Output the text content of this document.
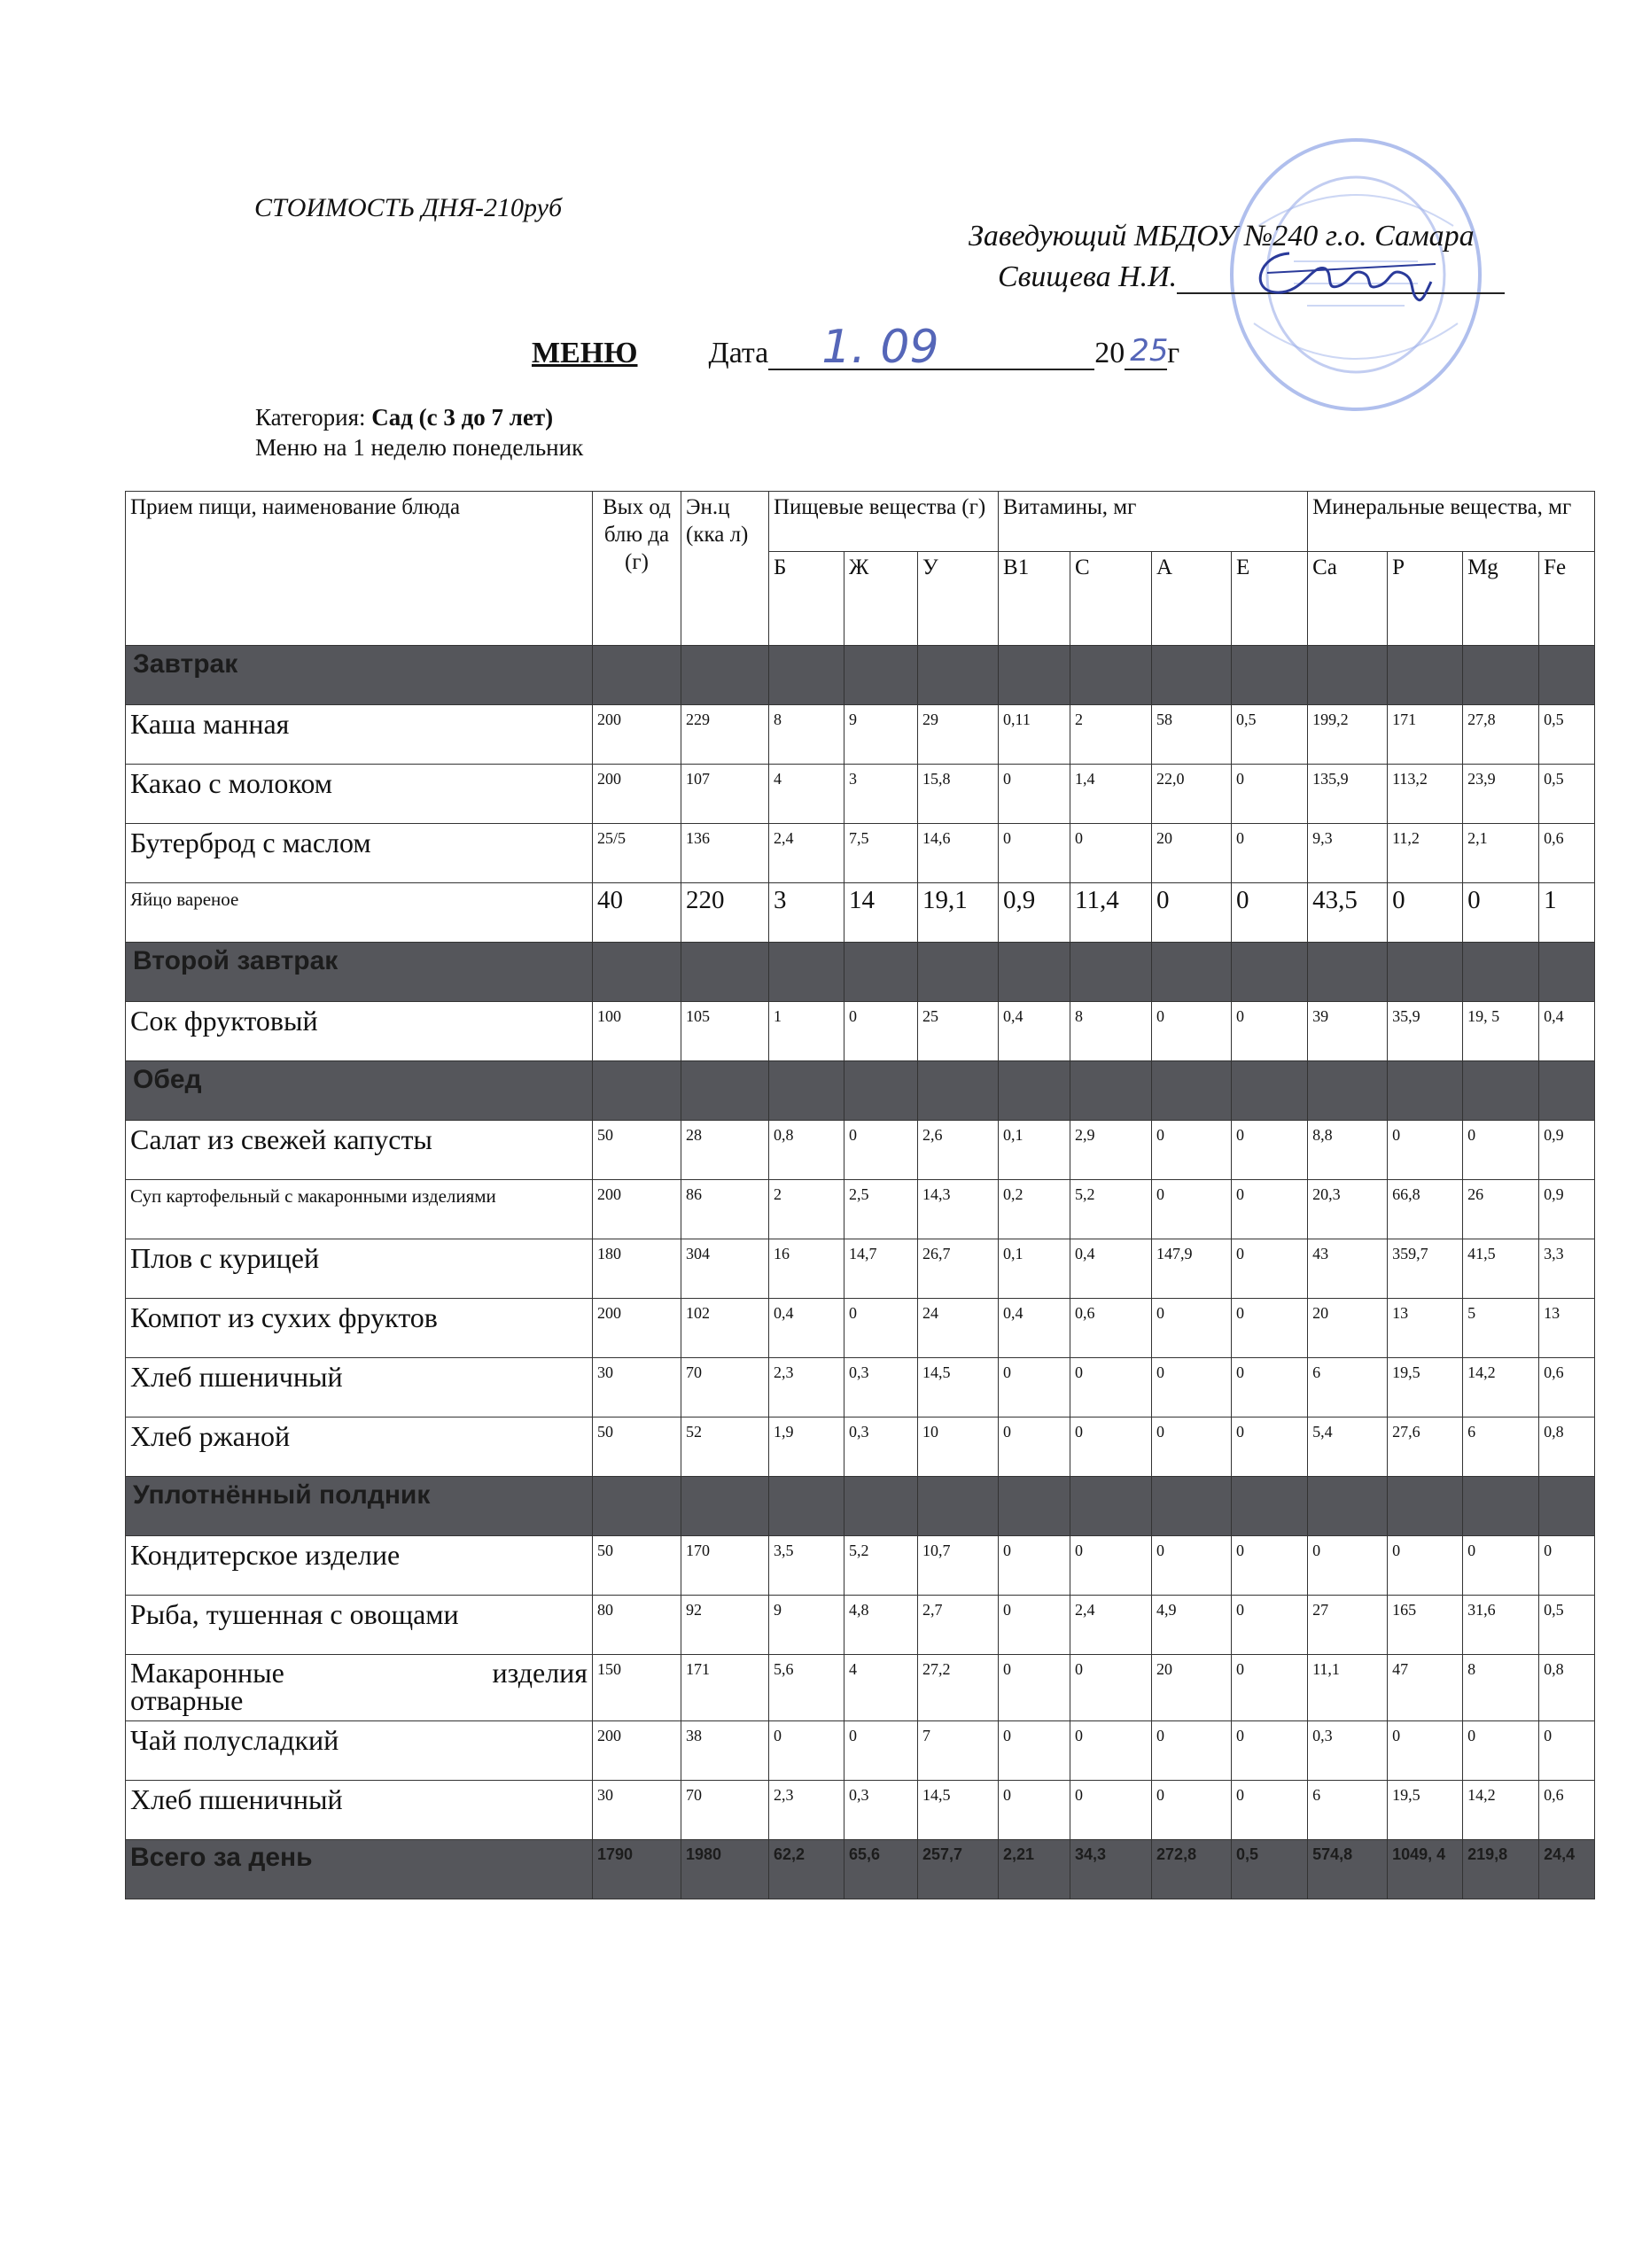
СТОИМОСТЬ ДНЯ-210руб
Заведующий МБДОУ №240 г.о. Самара
Свищева Н.И.
МЕНЮ Дата 1. 09	20 25
г
Категория: Сад (с 3 до 7 лет)
Меню на 1 неделю понедельник
Прием пищи, наименование блюда	Вых од блю да (г)	Эн.ц (кка л)	Пищевые вещества (г)			Витамины, мг				Минеральные вещества, мг			
			Б	Ж	У	B1	C	A	E	Ca	P	Mg	Fe
Завтрак													
Каша манная	200	229	8	9	29	0,11	2	58	0,5	199,2	171	27,8	0,5
Какао с молоком	200	107	4	3	15,8	0	1,4	22,0	0	135,9	113,2	23,9	0,5
Бутерброд с маслом	25/5	136	2,4	7,5	14,6	0	0	20	0	9,3	11,2	2,1	0,6
Яйцо вареное	40	220	3	14	19,1	0,9	11,4	0	0	43,5	0	0	1
Второй завтрак													
Сок фруктовый	100	105	1	0	25	0,4	8	0	0	39	35,9	19, 5	0,4
Обед													
Салат из свежей капусты	50	28	0,8	0	2,6	0,1	2,9	0	0	8,8	0	0	0,9
Суп картофельный с макаронными изделиями	200	86	2	2,5	14,3	0,2	5,2	0	0	20,3	66,8	26	0,9
Плов с курицей	180	304	16	14,7	26,7	0,1	0,4	147,9	0	43	359,7	41,5	3,3
Компот из сухих фруктов	200	102	0,4	0	24	0,4	0,6	0	0	20	13	5	13
Хлеб пшеничный	30	70	2,3	0,3	14,5	0	0	0	0	6	19,5	14,2	0,6
Хлеб ржаной	50	52	1,9	0,3	10	0	0	0	0	5,4	27,6	6	0,8
Уплотнённый полдник													
Кондитерское изделие	50	170	3,5	5,2	10,7	0	0	0	0	0	0	0	0
Рыба, тушенная с овощами	80	92	9	4,8	2,7	0	2,4	4,9	0	27	165	31,6	0,5

Макаронные изделия
отварные	150	171	5,6	4	27,2	0	0	20	0	11,1	47	8	0,8
Чай полусладкий	200	38	0	0	7	0	0	0	0	0,3	0	0	0
Хлеб пшеничный	30	70	2,3	0,3	14,5	0	0	0	0	6	19,5	14,2	0,6
Всего за день	1790	1980	62,2	65,6	257,7	2,21	34,3	272,8	0,5	574,8	1049, 4	219,8	24,4
